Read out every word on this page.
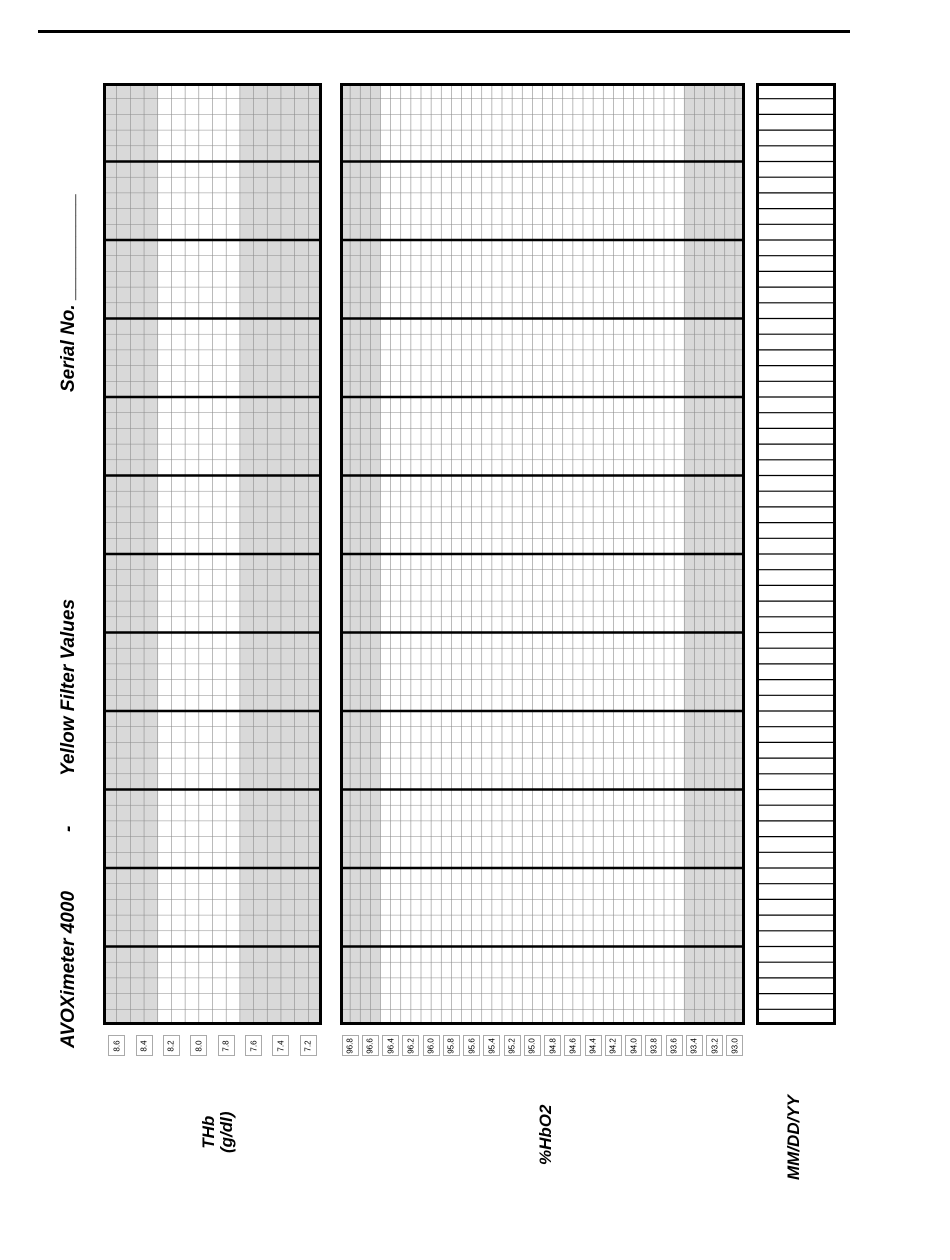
AVOXimeter 4000
-
Yellow Filter Values
Serial No. __________
8.6 8.4 8.2 8.0 7.8 7.6 7.4 7.2	96.8 96.6 96.4 96.2 96.0 95.8 95.6 95.4 95.2 95.0 94.8 94.6 94.4 94.2 94.0 93.8 93.6 93.4 93.2 93.0
THb (g/dl)	%HbO2	MM/DD/YY
